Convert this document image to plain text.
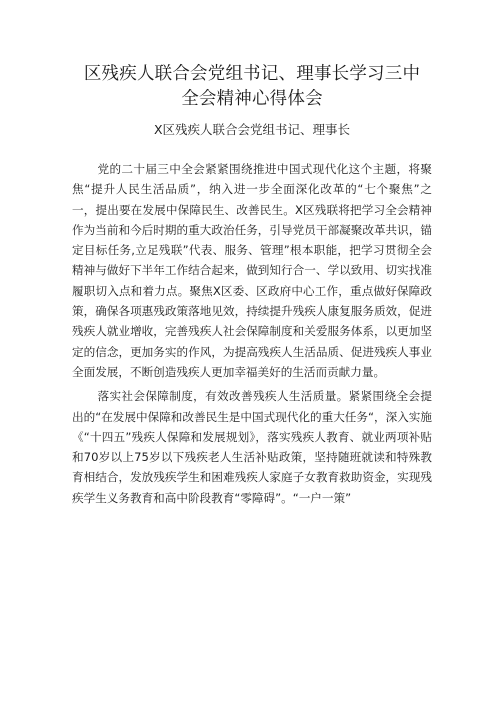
区残疾人联合会党组书记、理事长学习三中
全会精神心得体会

X区残疾人联合会党组书记、理事长

党的二十届三中全会紧紧围绕推进中国式现代化这个主题，将聚焦“提升人民生活品质”，纳入进一步全面深化改革的“七个聚焦”之一，提出要在发展中保障民生、改善民生。X区残联将把学习全会精神作为当前和今后时期的重大政治任务，引导党员干部凝聚改革共识，锚定目标任务,立足残联”代表、服务、管理”根本职能，把学习贯彻全会精神与做好下半年工作结合起来，做到知行合一、学以致用、切实找准履职切入点和着力点。聚焦X区委、区政府中心工作，重点做好保障政策，确保各项惠残政策落地见效，持续提升残疾人康复服务质效，促进残疾人就业增收，完善残疾人社会保障制度和关爱服务体系，以更加坚定的信念，更加务实的作风，为提高残疾人生活品质、促进残疾人事业全面发展，不断创造残疾人更加幸福美好的生活而贡献力量。

落实社会保障制度，有效改善残疾人生活质量。紧紧围绕全会提出的“在发展中保障和改善民生是中国式现代化的重大任务“，深入实施《“十四五”残疾人保障和发展规划》，落实残疾人教育、就业两项补贴和70岁以上75岁以下残疾老人生活补贴政策，坚持随班就读和特殊教育相结合，发放残疾学生和困难残疾人家庭子女教育救助资金，实现残疾学生义务教育和高中阶段教育“零障碍”。“一户一策”
